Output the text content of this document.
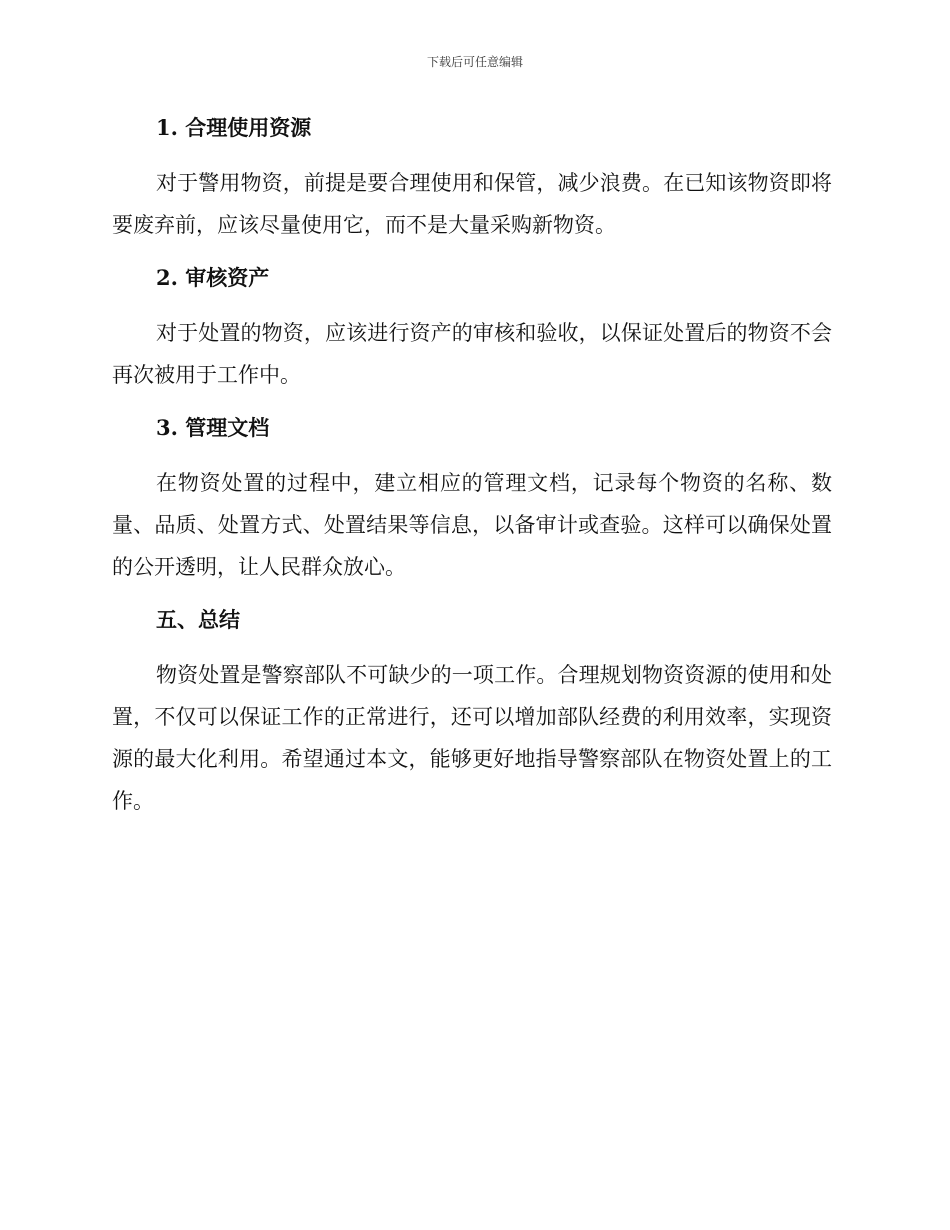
下载后可任意编辑
1. 合理使用资源

对于警用物资，前提是要合理使用和保管，减少浪费。在已知该物资即将要废弃前，应该尽量使用它，而不是大量采购新物资。

2. 审核资产

对于处置的物资，应该进行资产的审核和验收，以保证处置后的物资不会再次被用于工作中。

3. 管理文档

在物资处置的过程中，建立相应的管理文档，记录每个物资的名称、数量、品质、处置方式、处置结果等信息，以备审计或查验。这样可以确保处置的公开透明，让人民群众放心。

五、总结

物资处置是警察部队不可缺少的一项工作。合理规划物资资源的使用和处置，不仅可以保证工作的正常进行，还可以增加部队经费的利用效率，实现资源的最大化利用。希望通过本文，能够更好地指导警察部队在物资处置上的工作。
